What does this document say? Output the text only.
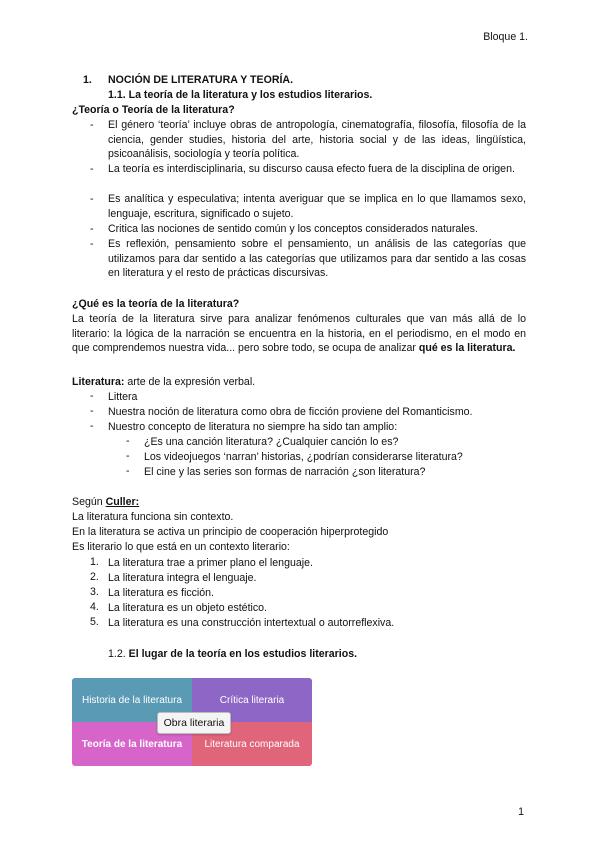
Bloque 1.
1. NOCIÓN DE LITERATURA Y TEORÍA.
1.1. La teoría de la literatura y los estudios literarios.
¿Teoría o Teoría de la literatura?
-	El género ‘teoría’ incluye obras de antropología, cinematografía, filosofía, filosofía de la ciencia, gender studies, historia del arte, historia social y de las ideas, lingüística, psicoanálisis, sociología y teoría política.
-	La teoría es interdisciplinaria, su discurso causa efecto fuera de la disciplina de origen.
-	Es analítica y especulativa; intenta averiguar que se implica en lo que llamamos sexo, lenguaje, escritura, significado o sujeto.
-	Critica las nociones de sentido común y los conceptos considerados naturales.
-	Es reflexión, pensamiento sobre el pensamiento, un análisis de las categorías que utilizamos para dar sentido a las categorías que utilizamos para dar sentido a las cosas en literatura y el resto de prácticas discursivas.
¿Qué es la teoría de la literatura?
La teoría de la literatura sirve para analizar fenómenos culturales que van más allá de lo literario: la lógica de la narración se encuentra en la historia, en el periodismo, en el modo en que comprendemos nuestra vida... pero sobre todo, se ocupa de analizar qué es la literatura.
Literatura: arte de la expresión verbal.
-	Littera
-	Nuestra noción de literatura como obra de ficción proviene del Romanticismo.
-	Nuestro concepto de literatura no siempre ha sido tan amplio:
-	¿Es una canción literatura? ¿Cualquier canción lo es?
-	Los videojuegos ‘narran’ historias, ¿podrían considerarse literatura?
-	El cine y las series son formas de narración ¿son literatura?
Según Culler:
La literatura funciona sin contexto.
En la literatura se activa un principio de cooperación hiperprotegido
Es literario lo que está en un contexto literario:
1. La literatura trae a primer plano el lenguaje.
2. La literatura integra el lenguaje.
3. La literatura es ficción.
4. La literatura es un objeto estético.
5. La literatura es una construcción intertextual o autorreflexiva.
1.2. El lugar de la teoría en los estudios literarios.
Historia de la literatura	Crítica literaria
Teoría de la literatura	Literatura comparada
Obra literaria
1
